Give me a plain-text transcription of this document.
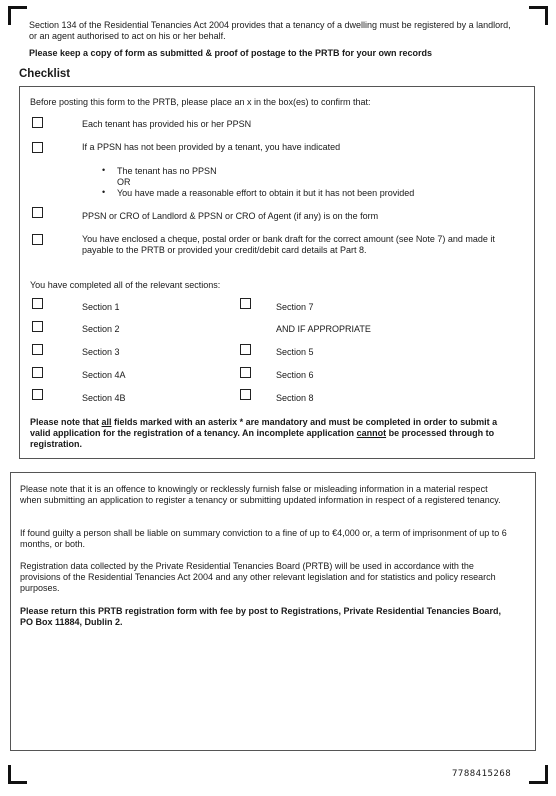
Section 134 of the Residential Tenancies Act 2004 provides that a tenancy of a dwelling must be registered by a landlord, or an agent authorised to act on his or her behalf.
Please keep a copy of form as submitted & proof of postage to the PRTB for your own records
Checklist
Before posting this form to the PRTB, please place an x in the box(es) to confirm that:
Each tenant has provided his or her PPSN
If a PPSN has not been provided by a tenant, you have indicated
• The tenant has no PPSN
OR
• You have made a reasonable effort to obtain it but it has not been provided
PPSN or CRO of Landlord & PPSN or CRO of Agent (if any) is on the form
You have enclosed a cheque, postal order or bank draft for the correct amount (see Note 7) and made it payable to the PRTB or provided your credit/debit card details at Part 8.
You have completed all of the relevant sections:
Section 1
Section 2
Section 3
Section 4A
Section 4B
Section 7
AND IF APPROPRIATE
Section 5
Section 6
Section 8
Please note that all fields marked with an asterix * are mandatory and must be completed in order to submit a valid application for the registration of a tenancy. An incomplete application cannot be processed through to registration.
Please note that it is an offence to knowingly or recklessly furnish false or misleading information in a material respect when submitting an application to register a tenancy or submitting updated information in respect of a registered tenancy.
If found guilty a person shall be liable on summary conviction to a fine of up to €4,000 or, a term of imprisonment of up to 6 months, or both.
Registration data collected by the Private Residential Tenancies Board (PRTB) will be used in accordance with the provisions of the Residential Tenancies Act 2004 and any other relevant legislation and for statistics and policy research purposes.
Please return this PRTB registration form with fee by post to Registrations, Private Residential Tenancies Board, PO Box 11884, Dublin 2.
7788415268
